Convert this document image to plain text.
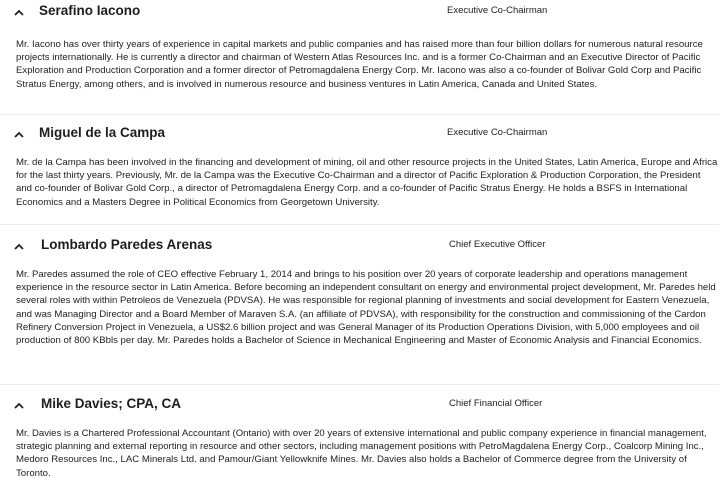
Serafino Iacono	Executive Co-Chairman

Mr. Iacono has over thirty years of experience in capital markets and public companies and has raised more than four billion dollars for numerous natural resource projects internationally. He is currently a director and chairman of Western Atlas Resources Inc. and is a former Co-Chairman and an Executive Director of Pacific Exploration and Production Corporation and a former director of Petromagdalena Energy Corp. Mr. Iacono was also a co-founder of Bolivar Gold Corp and Pacific Stratus Energy, among others, and is involved in numerous resource and business ventures in Latin America, Canada and United States.

Miguel de la Campa	Executive Co-Chairman

Mr. de la Campa has been involved in the financing and development of mining, oil and other resource projects in the United States, Latin America, Europe and Africa for the last thirty years. Previously, Mr. de la Campa was the Executive Co-Chairman and a director of Pacific Exploration & Production Corporation, the President and co-founder of Bolivar Gold Corp., a director of Petromagdalena Energy Corp. and a co-founder of Pacific Stratus Energy. He holds a BSFS in International Economics and a Masters Degree in Political Economics from Georgetown University.

Lombardo Paredes Arenas	Chief Executive Officer

Mr. Paredes assumed the role of CEO effective February 1, 2014 and brings to his position over 20 years of corporate leadership and operations management experience in the resource sector in Latin America. Before becoming an independent consultant on energy and environmental project development, Mr. Paredes held several roles with within Petroleos de Venezuela (PDVSA). He was responsible for regional planning of investments and social development for Eastern Venezuela, and was Managing Director and a Board Member of Maraven S.A. (an affiliate of PDVSA), with responsibility for the construction and commissioning of the Cardon Refinery Conversion Project in Venezuela, a US$2.6 billion project and was General Manager of its Production Operations Division, with 5,000 employees and oil production of 800 KBbls per day. Mr. Paredes holds a Bachelor of Science in Mechanical Engineering and Master of Economic Analysis and Financial Economics.

Mike Davies; CPA, CA	Chief Financial Officer

Mr. Davies is a Chartered Professional Accountant (Ontario) with over 20 years of extensive international and public company experience in financial management, strategic planning and external reporting in resource and other sectors, including management positions with PetroMagdalena Energy Corp., Coalcorp Mining Inc., Medoro Resources Inc., LAC Minerals Ltd. and Pamour/Giant Yellowknife Mines. Mr. Davies also holds a Bachelor of Commerce degree from the University of Toronto.
